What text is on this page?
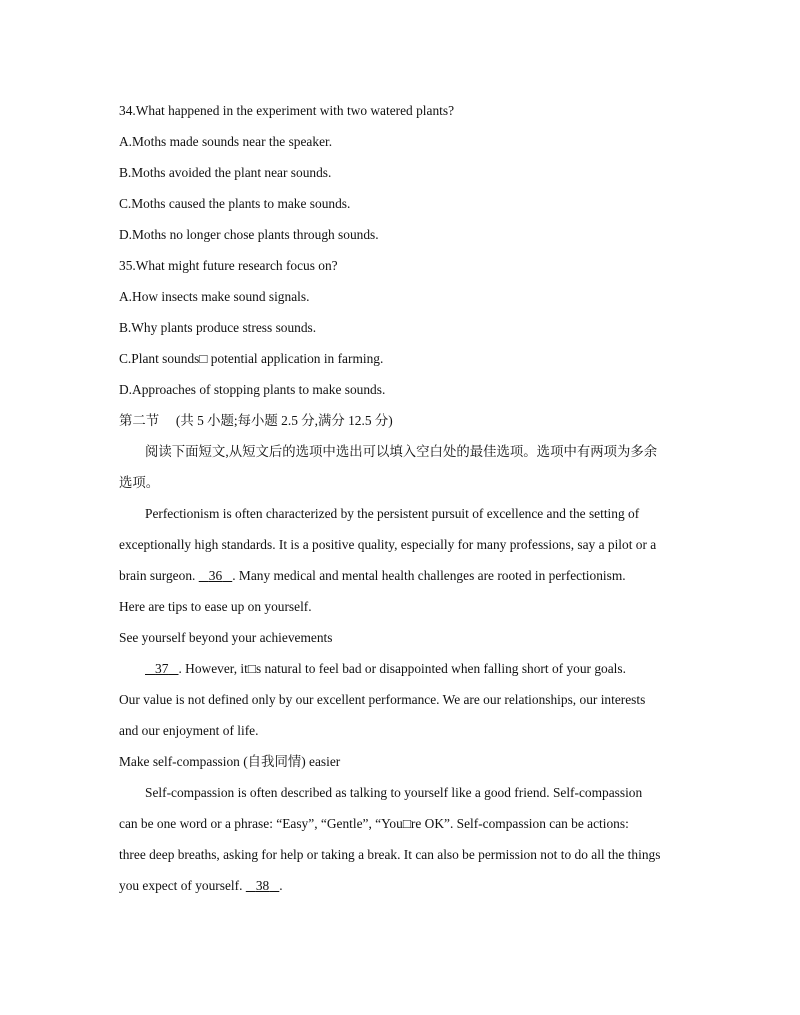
34.What happened in the experiment with two watered plants?
A.Moths made sounds near the speaker.
B.Moths avoided the plant near sounds.
C.Moths caused the plants to make sounds.
D.Moths no longer chose plants through sounds.
35.What might future research focus on?
A.How insects make sound signals.
B.Why plants produce stress sounds.
C.Plant sounds□ potential application in farming.
D.Approaches of stopping plants to make sounds.
第二节 (共 5 小题;每小题 2.5 分,满分 12.5 分)
阅读下面短文,从短文后的选项中选出可以填入空白处的最佳选项。选项中有两项为多余
选项。
Perfectionism is often characterized by the persistent pursuit of excellence and the setting of
exceptionally high standards. It is a positive quality, especially for many professions, say a pilot or a
brain surgeon. 36 . Many medical and mental health challenges are rooted in perfectionism.
Here are tips to ease up on yourself.
See yourself beyond your achievements
37 . However, it□s natural to feel bad or disappointed when falling short of your goals.
Our value is not defined only by our excellent performance. We are our relationships, our interests
and our enjoyment of life.
Make self-compassion (自我同情) easier
Self-compassion is often described as talking to yourself like a good friend. Self-compassion
can be one word or a phrase: “Easy”, “Gentle”, “You□re OK”. Self-compassion can be actions:
three deep breaths, asking for help or taking a break. It can also be permission not to do all the things
you expect of yourself. 38 .
